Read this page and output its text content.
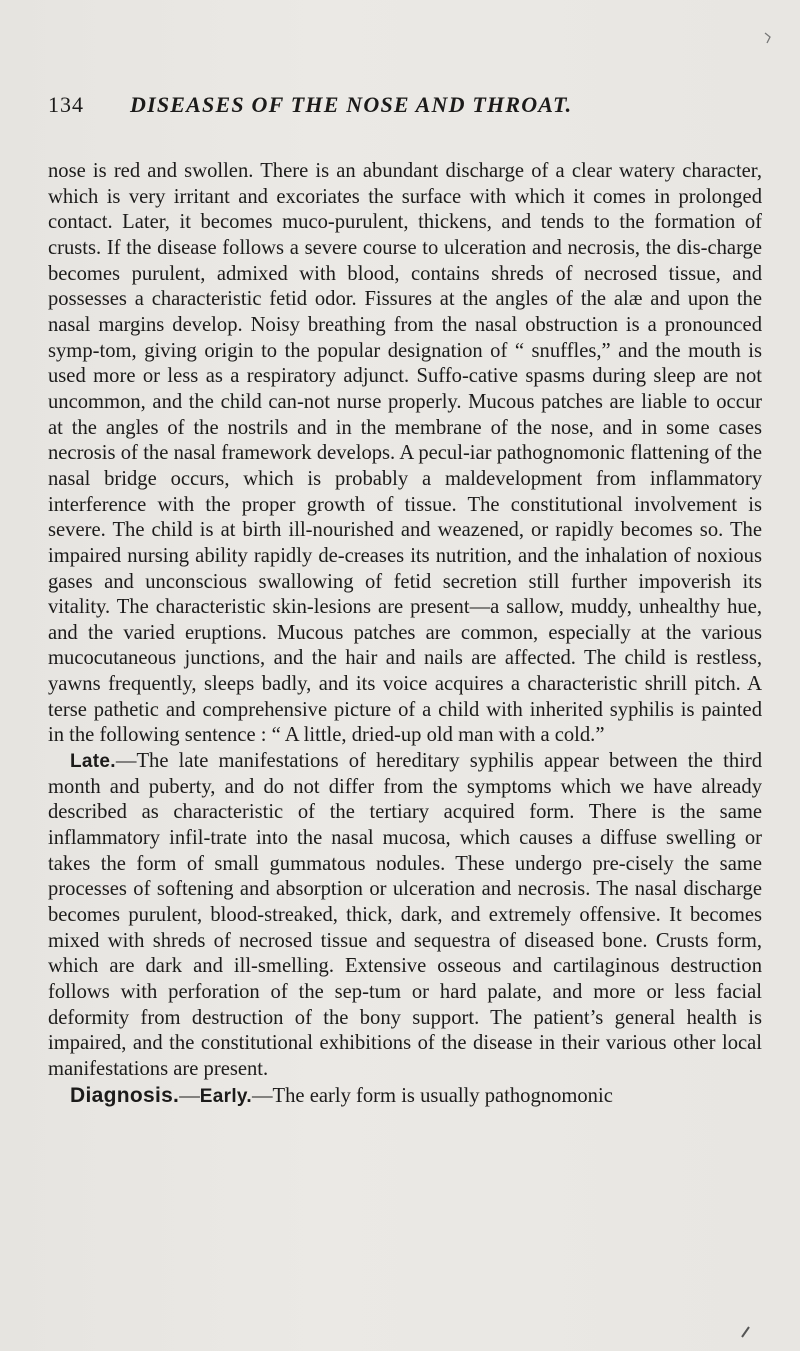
134 DISEASES OF THE NOSE AND THROAT.

nose is red and swollen. There is an abundant discharge of a clear watery character, which is very irritant and excoriates the surface with which it comes in prolonged contact. Later, it becomes muco-purulent, thickens, and tends to the formation of crusts. If the disease follows a severe course to ulceration and necrosis, the dis-charge becomes purulent, admixed with blood, contains shreds of necrosed tissue, and possesses a characteristic fetid odor. Fissures at the angles of the alæ and upon the nasal margins develop. Noisy breathing from the nasal obstruction is a pronounced symp-tom, giving origin to the popular designation of “ snuffles,” and the mouth is used more or less as a respiratory adjunct. Suffo-cative spasms during sleep are not uncommon, and the child can-not nurse properly. Mucous patches are liable to occur at the angles of the nostrils and in the membrane of the nose, and in some cases necrosis of the nasal framework develops. A pecul-iar pathognomonic flattening of the nasal bridge occurs, which is probably a maldevelopment from inflammatory interference with the proper growth of tissue. The constitutional involvement is severe. The child is at birth ill-nourished and weazened, or rapidly becomes so. The impaired nursing ability rapidly de-creases its nutrition, and the inhalation of noxious gases and unconscious swallowing of fetid secretion still further impoverish its vitality. The characteristic skin-lesions are present—a sallow, muddy, unhealthy hue, and the varied eruptions. Mucous patches are common, especially at the various mucocutaneous junctions, and the hair and nails are affected. The child is restless, yawns frequently, sleeps badly, and its voice acquires a characteristic shrill pitch. A terse pathetic and comprehensive picture of a child with inherited syphilis is painted in the following sentence : “ A little, dried-up old man with a cold.”

Late.—The late manifestations of hereditary syphilis appear between the third month and puberty, and do not differ from the symptoms which we have already described as characteristic of the tertiary acquired form. There is the same inflammatory infil-trate into the nasal mucosa, which causes a diffuse swelling or takes the form of small gummatous nodules. These undergo pre-cisely the same processes of softening and absorption or ulceration and necrosis. The nasal discharge becomes purulent, blood-streaked, thick, dark, and extremely offensive. It becomes mixed with shreds of necrosed tissue and sequestra of diseased bone. Crusts form, which are dark and ill-smelling. Extensive osseous and cartilaginous destruction follows with perforation of the sep-tum or hard palate, and more or less facial deformity from destruction of the bony support. The patient’s general health is impaired, and the constitutional exhibitions of the disease in their various other local manifestations are present.

Diagnosis.—Early.—The early form is usually pathognomonic
